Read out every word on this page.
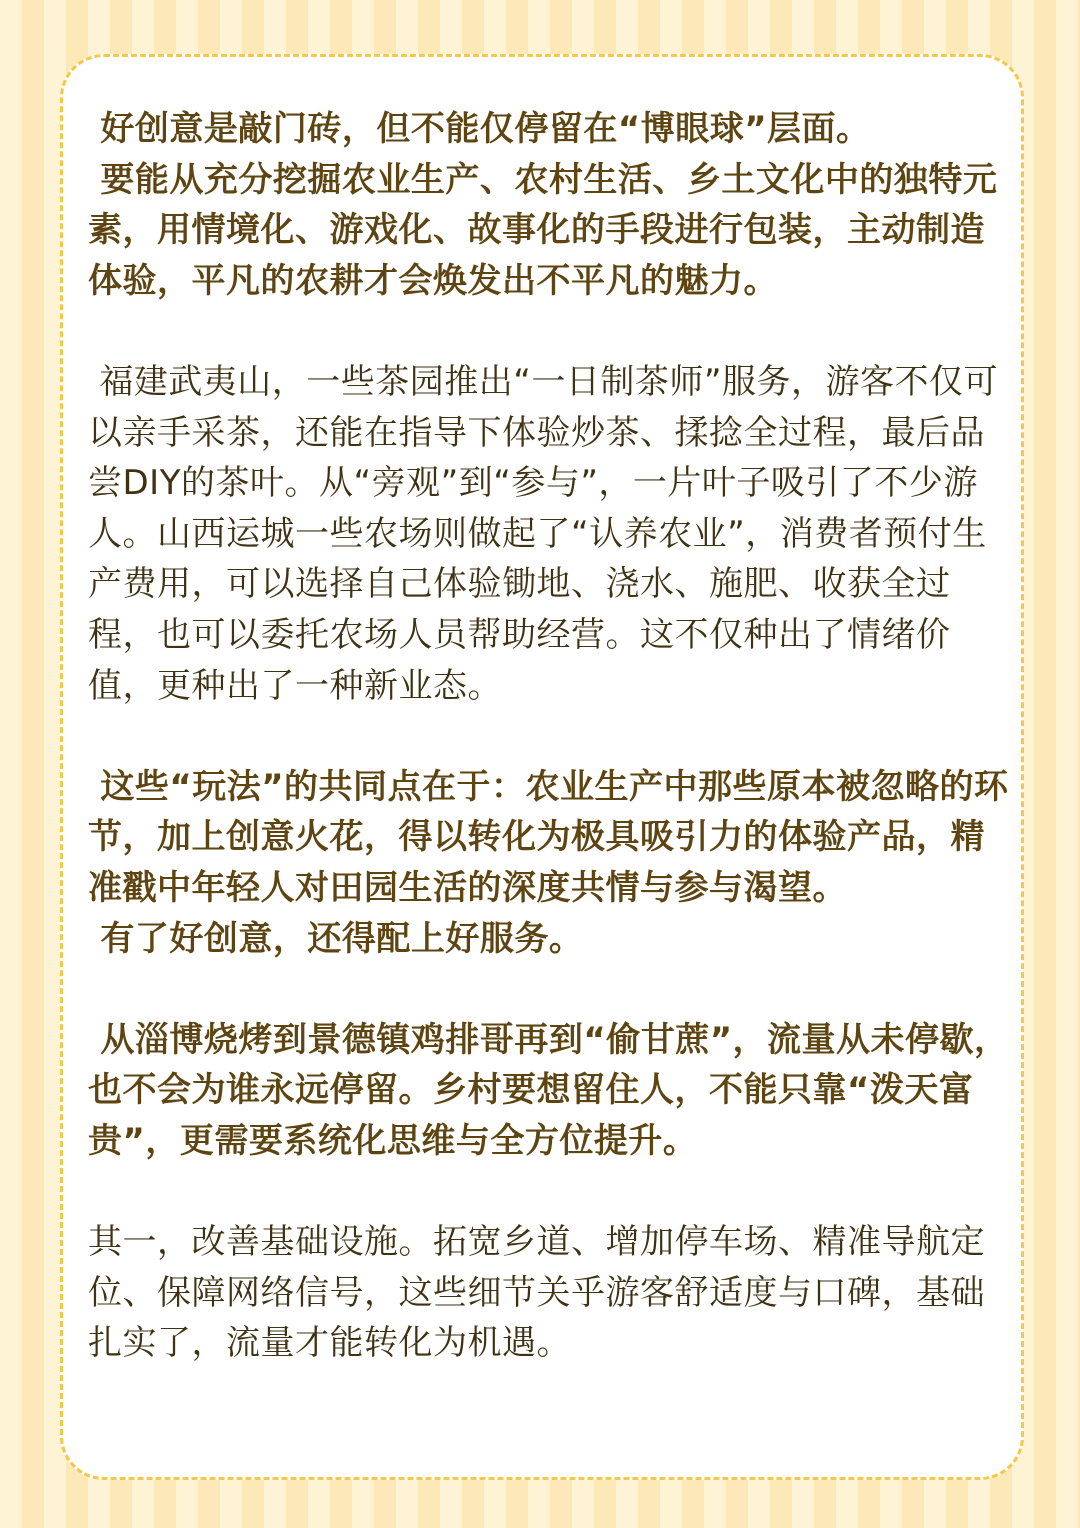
好创意是敲门砖，但不能仅停留在“博眼球”层面。
要能从充分挖掘农业生产、农村生活、乡土文化中的独特元素，用情境化、游戏化、故事化的手段进行包装，主动制造体验，平凡的农耕才会焕发出不平凡的魅力。

福建武夷山，一些茶园推出“一日制茶师”服务，游客不仅可以亲手采茶，还能在指导下体验炒茶、揉捻全过程，最后品尝DIY的茶叶。从“旁观”到“参与”，一片叶子吸引了不少游人。山西运城一些农场则做起了“认养农业”，消费者预付生产费用，可以选择自己体验锄地、浇水、施肥、收获全过程，也可以委托农场人员帮助经营。这不仅种出了情绪价值，更种出了一种新业态。

这些“玩法”的共同点在于：农业生产中那些原本被忽略的环节，加上创意火花，得以转化为极具吸引力的体验产品，精准戳中年轻人对田园生活的深度共情与参与渴望。
有了好创意，还得配上好服务。

从淄博烧烤到景德镇鸡排哥再到“偷甘蔗”，流量从未停歇，也不会为谁永远停留。乡村要想留住人，不能只靠“泼天富贵”，更需要系统化思维与全方位提升。

其一，改善基础设施。拓宽乡道、增加停车场、精准导航定位、保障网络信号，这些细节关乎游客舒适度与口碑，基础扎实了，流量才能转化为机遇。
